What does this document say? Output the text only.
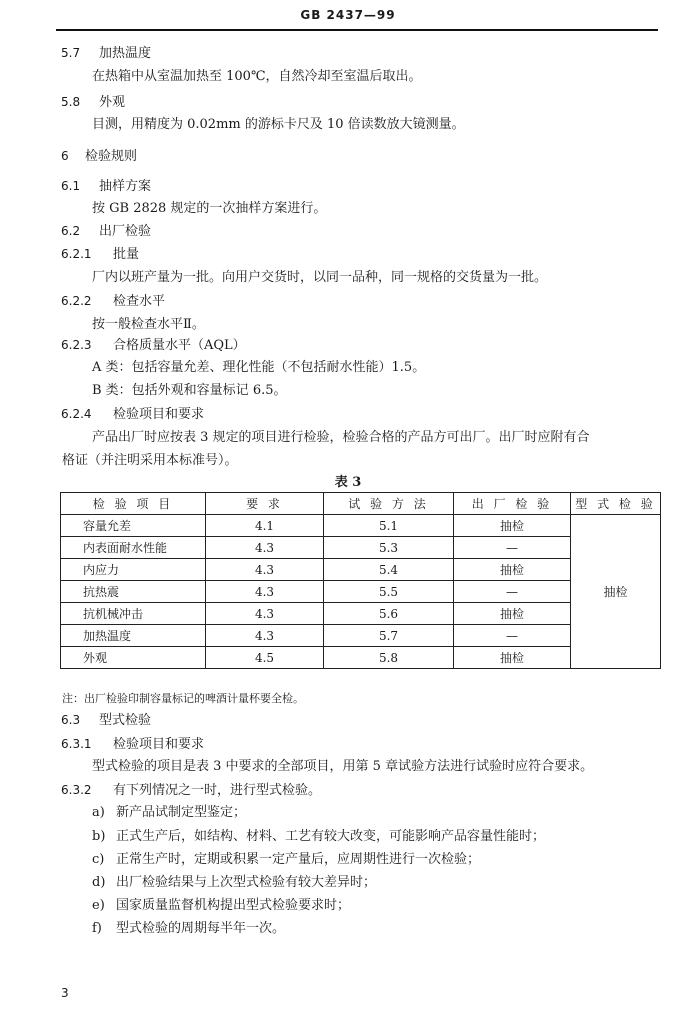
GB 2437—99
5.7 加热温度
在热箱中从室温加热至 100℃，自然冷却至室温后取出。
5.8 外观
目测，用精度为 0.02mm 的游标卡尺及 10 倍读数放大镜测量。
6 检验规则
6.1 抽样方案
按 GB 2828 规定的一次抽样方案进行。
6.2 出厂检验
6.2.1 批量
厂内以班产量为一批。向用户交货时，以同一品种，同一规格的交货量为一批。
6.2.2 检查水平
按一般检查水平Ⅱ。
6.2.3 合格质量水平（AQL）
A 类：包括容量允差、理化性能（不包括耐水性能）1.5。
B 类：包括外观和容量标记 6.5。
6.2.4 检验项目和要求
产品出厂时应按表 3 规定的项目进行检验，检验合格的产品方可出厂。出厂时应附有合
格证（并注明采用本标准号）。
表 3
检 验 项 目	要 求	试 验 方 法	出 厂 检 验	型 式 检 验
容量允差	4.1	5.1	抽检	抽检
内表面耐水性能	4.3	5.3	—	
内应力	4.3	5.4	抽检	
抗热震	4.3	5.5	—	
抗机械冲击	4.3	5.6	抽检	
加热温度	4.3	5.7	—	
外观	4.5	5.8	抽检	
注：出厂检验印制容量标记的啤酒计量杯要全检。
6.3 型式检验
6.3.1 检验项目和要求
型式检验的项目是表 3 中要求的全部项目，用第 5 章试验方法进行试验时应符合要求。
6.3.2 有下列情况之一时，进行型式检验。
a) 新产品试制定型鉴定；
b) 正式生产后，如结构、材料、工艺有较大改变，可能影响产品容量性能时；
c) 正常生产时，定期或积累一定产量后，应周期性进行一次检验；
d) 出厂检验结果与上次型式检验有较大差异时；
e) 国家质量监督机构提出型式检验要求时；
f) 型式检验的周期每半年一次。
3
